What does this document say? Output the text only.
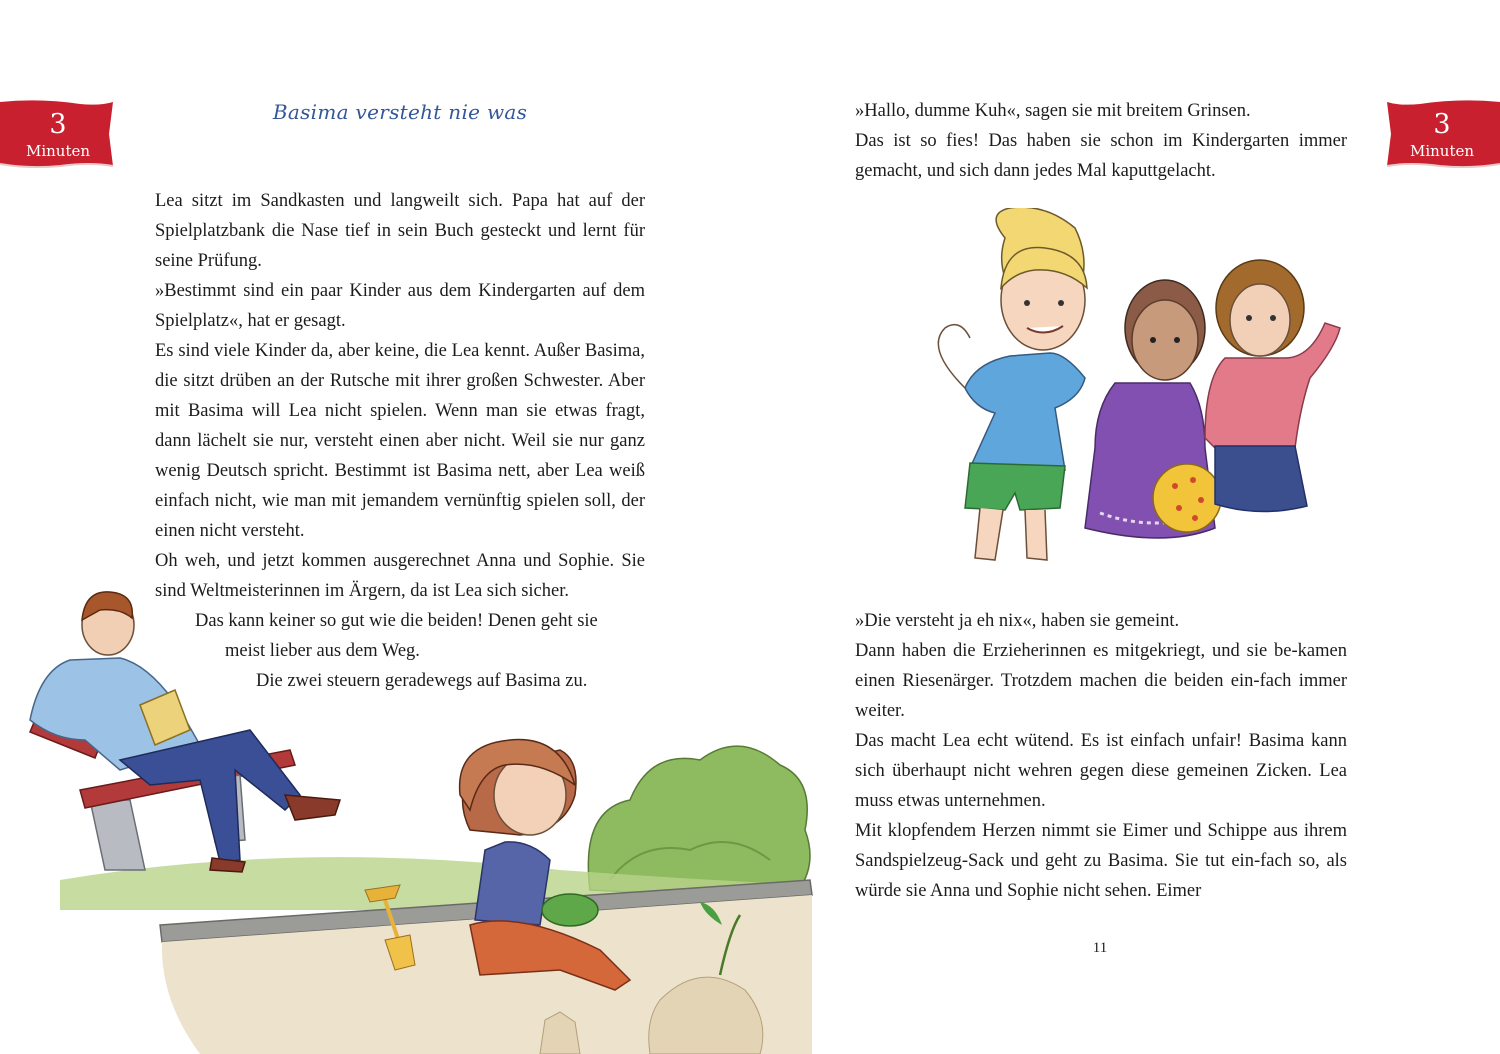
3
Minuten
3
Minuten
Basima versteht nie was

Lea sitzt im Sandkasten und langweilt sich. Papa hat auf der Spielplatzbank die Nase tief in sein Buch gesteckt und lernt für seine Prüfung.

»Bestimmt sind ein paar Kinder aus dem Kindergarten auf dem Spielplatz«, hat er gesagt.

Es sind viele Kinder da, aber keine, die Lea kennt. Außer Basima, die sitzt drüben an der Rutsche mit ihrer großen Schwester. Aber mit Basima will Lea nicht spielen. Wenn man sie etwas fragt, dann lächelt sie nur, versteht einen aber nicht. Weil sie nur ganz wenig Deutsch spricht. Bestimmt ist Basima nett, aber Lea weiß einfach nicht, wie man mit jemandem vernünftig spielen soll, der einen nicht versteht.

Oh weh, und jetzt kommen ausgerechnet Anna und Sophie. Sie sind Weltmeisterinnen im Ärgern, da ist Lea sich sicher.

Das kann keiner so gut wie die beiden! Denen geht sie

meist lieber aus dem Weg.

Die zwei steuern geradewegs auf Basima zu.

»Hallo, dumme Kuh«, sagen sie mit breitem Grinsen.

Das ist so fies! Das haben sie schon im Kindergarten immer gemacht, und sich dann jedes Mal kaputtgelacht.

»Die versteht ja eh nix«, haben sie gemeint.

Dann haben die Erzieherinnen es mitgekriegt, und sie be-kamen einen Riesenärger. Trotzdem machen die beiden ein-fach immer weiter.

Das macht Lea echt wütend. Es ist einfach unfair! Basima kann sich überhaupt nicht wehren gegen diese gemeinen Zicken. Lea muss etwas unternehmen.

Mit klopfendem Herzen nimmt sie Eimer und Schippe aus ihrem Sandspielzeug-Sack und geht zu Basima. Sie tut ein-fach so, als würde sie Anna und Sophie nicht sehen. Eimer

11
